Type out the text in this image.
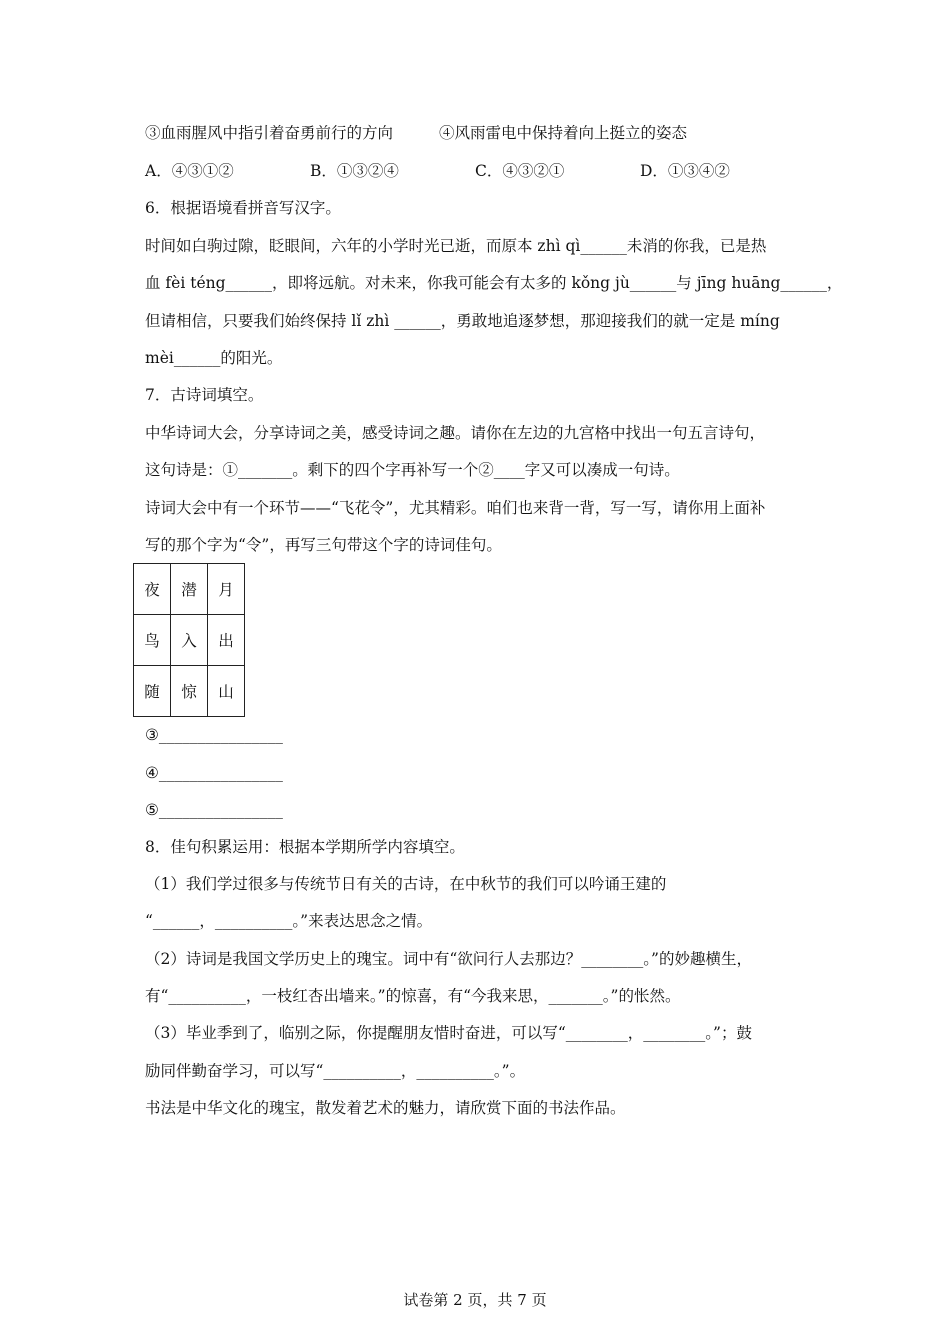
③血雨腥风中指引着奋勇前行的方向	④风雨雷电中保持着向上挺立的姿态
A．④③①②	B．①③②④	C．④③②①	D．①③④②
6．根据语境看拼音写汉字。
时间如白驹过隙，眨眼间，六年的小学时光已逝，而原本 zhì qì______未消的你我，已是热
血 fèi téng______，即将远航。对未来，你我可能会有太多的 kǒng jù______与 jīng huāng______，
但请相信，只要我们始终保持 lǐ zhì ______，勇敢地追逐梦想，那迎接我们的就一定是 míng
mèi______的阳光。
7．古诗词填空。
中华诗词大会，分享诗词之美，感受诗词之趣。请你在左边的九宫格中找出一句五言诗句，
这句诗是：①_______。剩下的四个字再补写一个②____字又可以凑成一句诗。
诗词大会中有一个环节——“飞花令”，尤其精彩。咱们也来背一背，写一写，请你用上面补
写的那个字为“令”，再写三句带这个字的诗词佳句。
夜	潜	月
鸟	入	出
随	惊	山
③________________
④________________
⑤________________
8．佳句积累运用：根据本学期所学内容填空。
（1）我们学过很多与传统节日有关的古诗，在中秋节的我们可以吟诵王建的
“______，__________。”来表达思念之情。
（2）诗词是我国文学历史上的瑰宝。词中有“欲问行人去那边？________。”的妙趣横生，
有“__________，一枝红杏出墙来。”的惊喜，有“今我来思，_______。”的怅然。
（3）毕业季到了，临别之际，你提醒朋友惜时奋进，可以写“________，________。”；鼓
励同伴勤奋学习，可以写“__________，__________。”。
书法是中华文化的瑰宝，散发着艺术的魅力，请欣赏下面的书法作品。
试卷第 2 页，共 7 页
